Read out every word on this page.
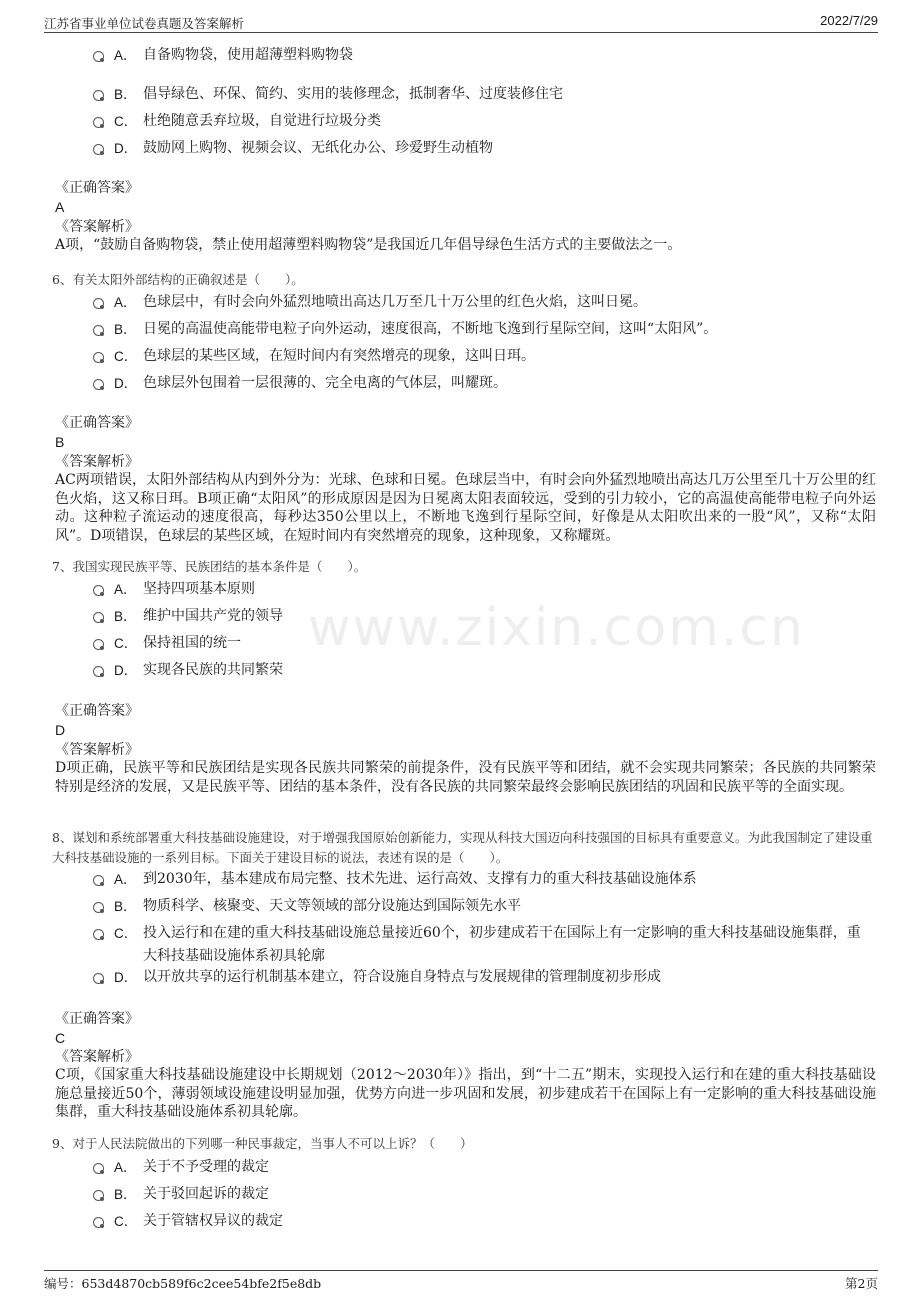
江苏省事业单位试卷真题及答案解析	2022/7/29
www.zixin.com.cn
A． 自备购物袋，使用超薄塑料购物袋
B． 倡导绿色、环保、简约、实用的装修理念，抵制奢华、过度装修住宅
C． 杜绝随意丢弃垃圾，自觉进行垃圾分类
D． 鼓励网上购物、视频会议、无纸化办公、珍爱野生动植物
《正确答案》
A
《答案解析》
A项，“鼓励自备购物袋，禁止使用超薄塑料购物袋”是我国近几年倡导绿色生活方式的主要做法之一。
6、有关太阳外部结构的正确叙述是（　　）。
A． 色球层中，有时会向外猛烈地喷出高达几万至几十万公里的红色火焰，这叫日冕。
B． 日冕的高温使高能带电粒子向外运动，速度很高，不断地飞逸到行星际空间，这叫“太阳风”。
C． 色球层的某些区域，在短时间内有突然增亮的现象，这叫日珥。
D． 色球层外包围着一层很薄的、完全电离的气体层，叫耀斑。
《正确答案》
B
《答案解析》
AC两项错误，太阳外部结构从内到外分为：光球、色球和日冕。色球层当中，有时会向外猛烈地喷出高达几万公里至几十万公里的红色火焰，这又称日珥。B项正确“太阳风”的形成原因是因为日冕离太阳表面较远，受到的引力较小，它的高温使高能带电粒子向外运动。这种粒子流运动的速度很高，每秒达350公里以上，不断地飞逸到行星际空间，好像是从太阳吹出来的一股“风”，又称“太阳风”。D项错误，色球层的某些区域，在短时间内有突然增亮的现象，这种现象，又称耀斑。
7、我国实现民族平等、民族团结的基本条件是（　　）。
A． 坚持四项基本原则
B． 维护中国共产党的领导
C． 保持祖国的统一
D． 实现各民族的共同繁荣
《正确答案》
D
《答案解析》
D项正确，民族平等和民族团结是实现各民族共同繁荣的前提条件，没有民族平等和团结，就不会实现共同繁荣；各民族的共同繁荣特别是经济的发展，又是民族平等、团结的基本条件，没有各民族的共同繁荣最终会影响民族团结的巩固和民族平等的全面实现。
8、谋划和系统部署重大科技基础设施建设，对于增强我国原始创新能力，实现从科技大国迈向科技强国的目标具有重要意义。为此我国制定了建设重大科技基础设施的一系列目标。下面关于建设目标的说法，表述有误的是（　　）。
A． 到2030年，基本建成布局完整、技术先进、运行高效、支撑有力的重大科技基础设施体系
B． 物质科学、核聚变、天文等领域的部分设施达到国际领先水平
C． 投入运行和在建的重大科技基础设施总量接近60个，初步建成若干在国际上有一定影响的重大科技基础设施集群，重大科技基础设施体系初具轮廓
D． 以开放共享的运行机制基本建立，符合设施自身特点与发展规律的管理制度初步形成
《正确答案》
C
《答案解析》
C项，《国家重大科技基础设施建设中长期规划（2012～2030年）》指出，到“十二五”期末，实现投入运行和在建的重大科技基础设施总量接近50个，薄弱领域设施建设明显加强，优势方向进一步巩固和发展，初步建成若干在国际上有一定影响的重大科技基础设施集群，重大科技基础设施体系初具轮廓。
9、对于人民法院做出的下列哪一种民事裁定，当事人不可以上诉？（　　）
A． 关于不予受理的裁定
B． 关于驳回起诉的裁定
C． 关于管辖权异议的裁定
编号：653d4870cb589f6c2cee54bfe2f5e8db	第2页
